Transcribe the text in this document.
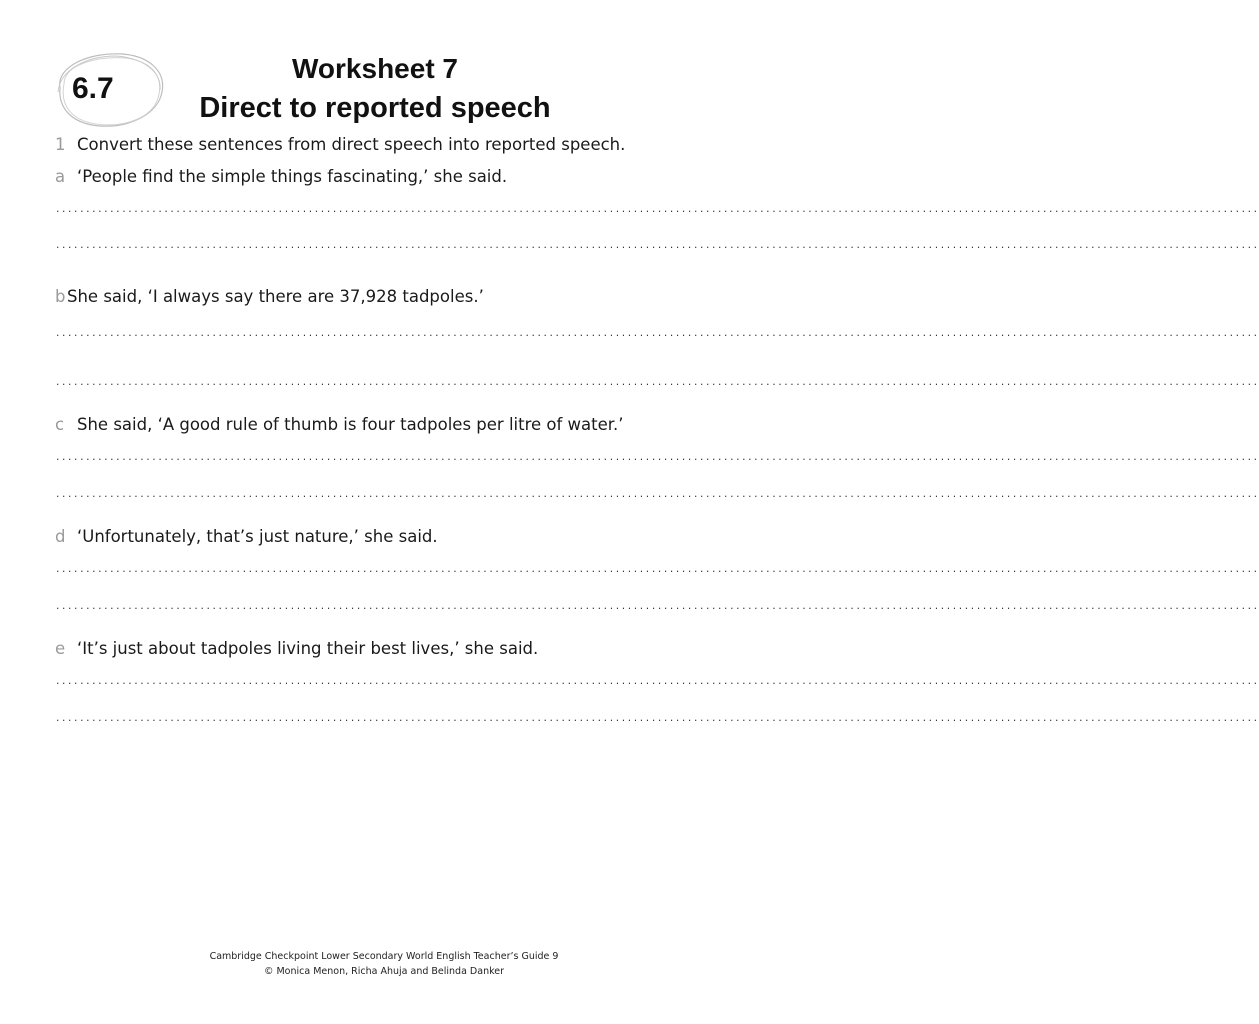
6.7
Worksheet 7
Direct to reported speech
1 Convert these sentences from direct speech into reported speech.
a ‘People find the simple things fascinating,’ she said.
........................................................................................................................................................................................................
........................................................................................................................................................................................................
bShe said, ‘I always say there are 37,928 tadpoles.’
........................................................................................................................................................................................................
........................................................................................................................................................................................................
c She said, ‘A good rule of thumb is four tadpoles per litre of water.’
........................................................................................................................................................................................................
........................................................................................................................................................................................................
d ‘Unfortunately, that’s just nature,’ she said.
........................................................................................................................................................................................................
........................................................................................................................................................................................................
e ‘It’s just about tadpoles living their best lives,’ she said.
........................................................................................................................................................................................................
........................................................................................................................................................................................................
Cambridge Checkpoint Lower Secondary World English Teacher’s Guide 9
© Monica Menon, Richa Ahuja and Belinda Danker
